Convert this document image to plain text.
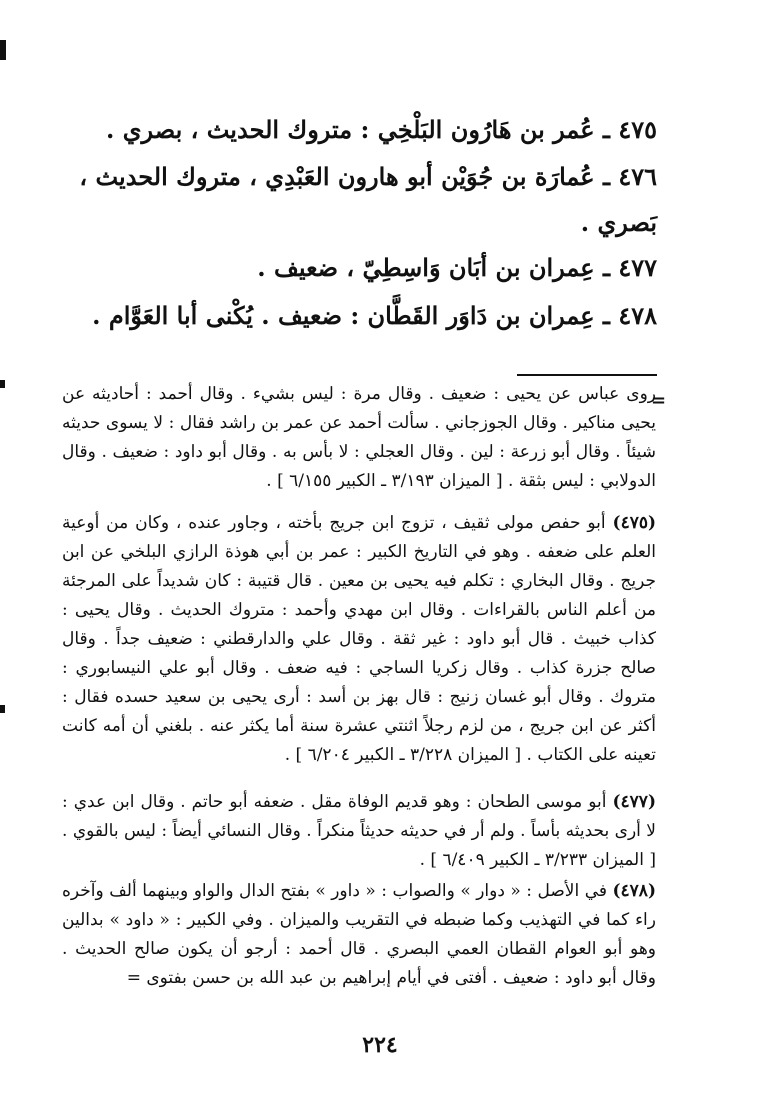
٤٧٥ ـ عُمر بن هَارُون البَلْخِي : متروك الحديث ، بصري .
٤٧٦ ـ عُمارَة بن جُوَيْن أبو هارون العَبْدِي ، متروك الحديث ، بَصري .
٤٧٧ ـ عِمران بن أبَان وَاسِطِيّ ، ضعيف .
٤٧٨ ـ عِمران بن دَاوَر القَطَّان : ضعيف . يُكْنى أبا العَوَّام .
=
روى عباس عن يحيى : ضعيف . وقال مرة : ليس بشيء . وقال أحمد : أحاديثه عن يحيى مناكير . وقال الجوزجاني . سألت أحمد عن عمر بن راشد فقال : لا يسوى حديثه شيئاً . وقال أبو زرعة : لين . وقال العجلي : لا بأس به . وقال أبو داود : ضعيف . وقال الدولابي : ليس بثقة . [ الميزان ٣/١٩٣ ـ الكبير ٦/١٥٥ ] .
(٤٧٥) أبو حفص مولى ثقيف ، تزوج ابن جريج بأخته ، وجاور عنده ، وكان من أوعية العلم على ضعفه . وهو في التاريخ الكبير : عمر بن أبي هوذة الرازي البلخي عن ابن جريج . وقال البخاري : تكلم فيه يحيى بن معين . قال قتيبة : كان شديداً على المرجئة من أعلم الناس بالقراءات . وقال ابن مهدي وأحمد : متروك الحديث . وقال يحيى : كذاب خبيث . قال أبو داود : غير ثقة . وقال علي والدارقطني : ضعيف جداً . وقال صالح جزرة كذاب . وقال زكريا الساجي : فيه ضعف . وقال أبو علي النيسابوري : متروك . وقال أبو غسان زنيج : قال بهز بن أسد : أرى يحيى بن سعيد حسده فقال : أكثر عن ابن جريج ، من لزم رجلاً اثنتي عشرة سنة أما يكثر عنه . بلغني أن أمه كانت تعينه على الكتاب . [ الميزان ٣/٢٢٨ ـ الكبير ٦/٢٠٤ ] .
(٤٧٧) أبو موسى الطحان : وهو قديم الوفاة مقل . ضعفه أبو حاتم . وقال ابن عدي : لا أرى بحديثه بأساً . ولم أر في حديثه حديثاً منكراً . وقال النسائي أيضاً : ليس بالقوي . [ الميزان ٣/٢٣٣ ـ الكبير ٦/٤٠٩ ] .
(٤٧٨) في الأصل : « دوار » والصواب : « داور » بفتح الدال والواو وبينهما ألف وآخره راء كما في التهذيب وكما ضبطه في التقريب والميزان . وفي الكبير : « داود » بدالين وهو أبو العوام القطان العمي البصري . قال أحمد : أرجو أن يكون صالح الحديث . وقال أبو داود : ضعيف . أفتى في أيام إبراهيم بن عبد الله بن حسن بفتوى =
٢٢٤
